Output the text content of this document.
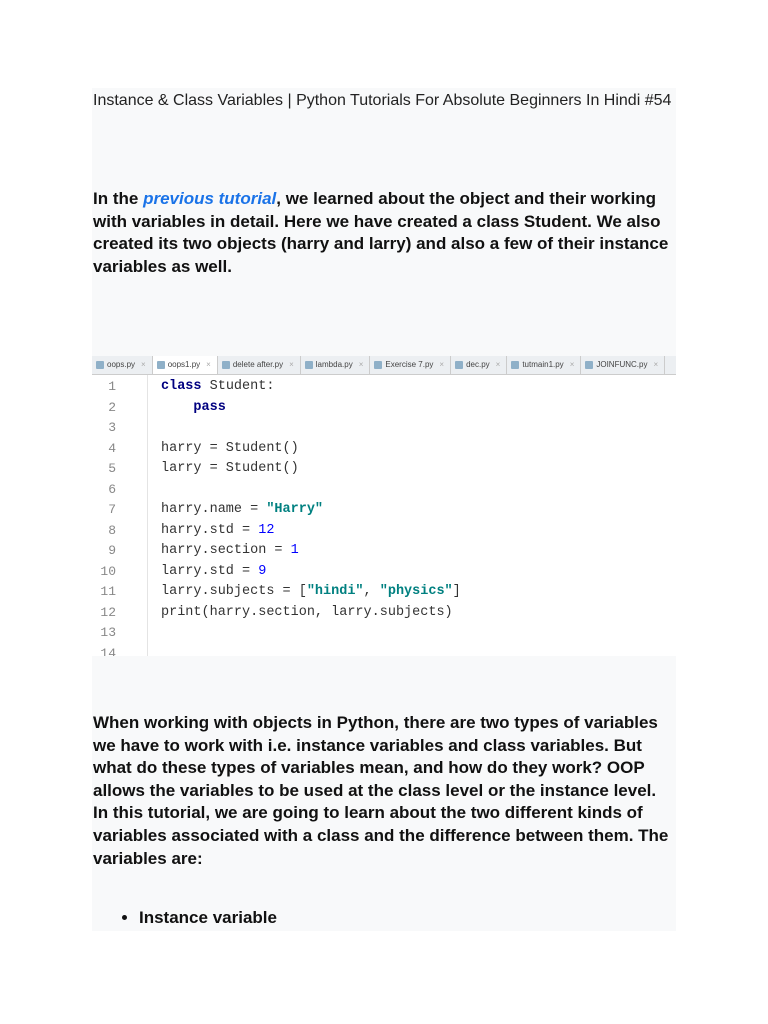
Instance & Class Variables | Python Tutorials For Absolute Beginners In Hindi #54
In the previous tutorial, we learned about the object and their working with variables in detail. Here we have created a class Student. We also created its two objects (harry and larry) and also a few of their instance variables as well.
oops.py ×	oops1.py ×	delete after.py ×	lambda.py ×	Exercise 7.py ×	dec.py ×	tutmain1.py ×	JOINFUNC.py ×
1	class Student:
2	pass
3
4	harry = Student()
5	larry = Student()
6
7	harry.name = "Harry"
8	harry.std = 12
9	harry.section = 1
10	larry.std = 9
11	larry.subjects = ["hindi", "physics"]
12	print(harry.section, larry.subjects)
13
14
When working with objects in Python, there are two types of variables we have to work with i.e. instance variables and class variables. But what do these types of variables mean, and how do they work? OOP allows the variables to be used at the class level or the instance level. In this tutorial, we are going to learn about the two different kinds of variables associated with a class and the difference between them. The variables are:
• Instance variable
